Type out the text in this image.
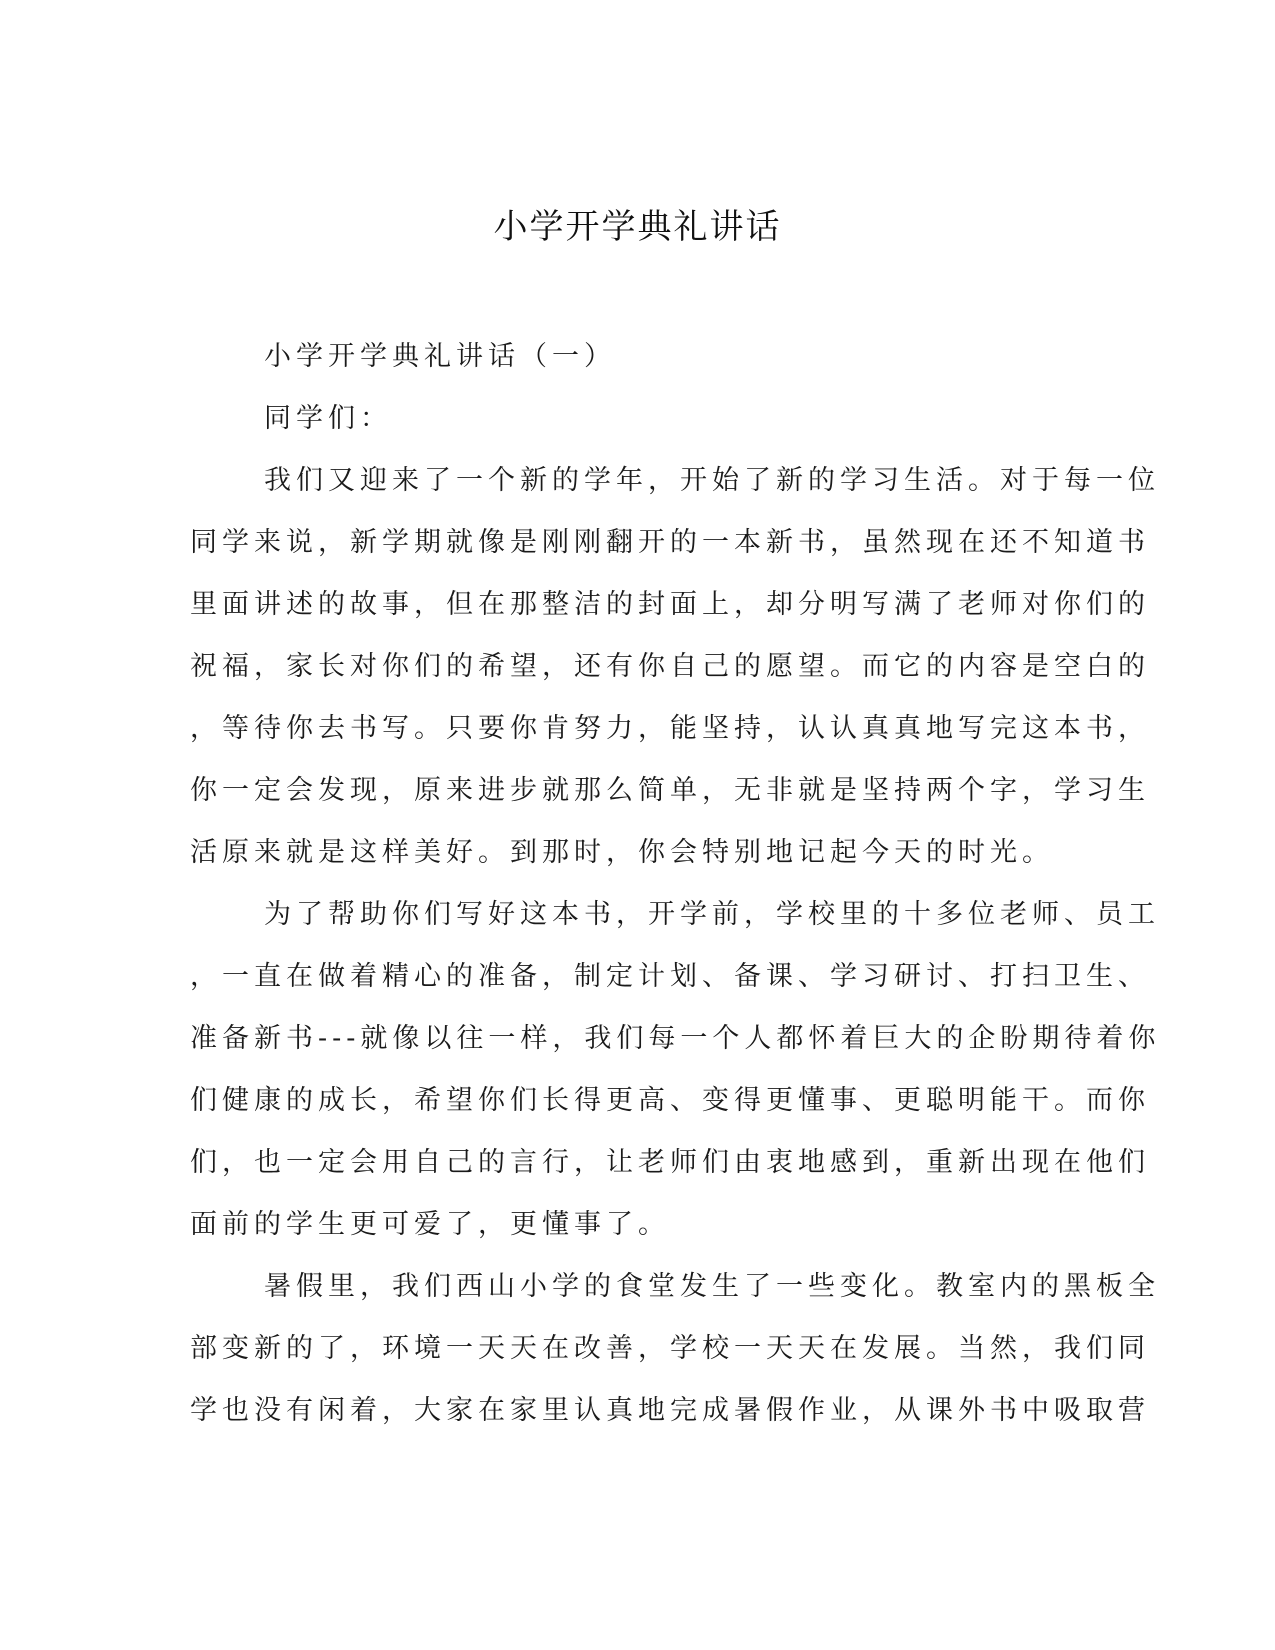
小学开学典礼讲话

小学开学典礼讲话（一）

同学们：

我们又迎来了一个新的学年，开始了新的学习生活。对于每一位

同学来说，新学期就像是刚刚翻开的一本新书，虽然现在还不知道书

里面讲述的故事，但在那整洁的封面上，却分明写满了老师对你们的

祝福，家长对你们的希望，还有你自己的愿望。而它的内容是空白的

，等待你去书写。只要你肯努力，能坚持，认认真真地写完这本书，

你一定会发现，原来进步就那么简单，无非就是坚持两个字，学习生

活原来就是这样美好。到那时，你会特别地记起今天的时光。

为了帮助你们写好这本书，开学前，学校里的十多位老师、员工

，一直在做着精心的准备，制定计划、备课、学习研讨、打扫卫生、

准备新书---就像以往一样，我们每一个人都怀着巨大的企盼期待着你

们健康的成长，希望你们长得更高、变得更懂事、更聪明能干。而你

们，也一定会用自己的言行，让老师们由衷地感到，重新出现在他们

面前的学生更可爱了，更懂事了。

暑假里，我们西山小学的食堂发生了一些变化。教室内的黑板全

部变新的了，环境一天天在改善，学校一天天在发展。当然，我们同

学也没有闲着，大家在家里认真地完成暑假作业，从课外书中吸取营
